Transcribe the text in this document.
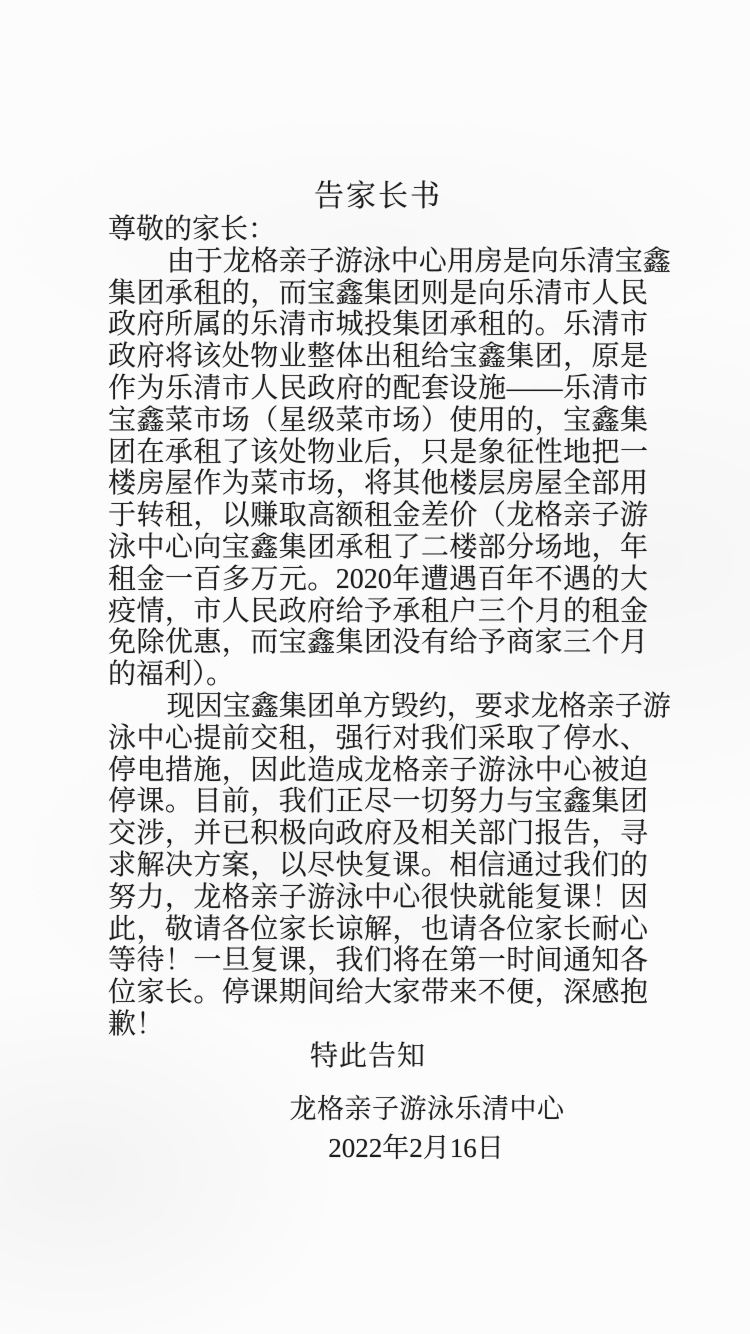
告家长书
尊敬的家长：
由于龙格亲子游泳中心用房是向乐清宝鑫
集团承租的，而宝鑫集团则是向乐清市人民
政府所属的乐清市城投集团承租的。乐清市
政府将该处物业整体出租给宝鑫集团，原是
作为乐清市人民政府的配套设施——乐清市
宝鑫菜市场（星级菜市场）使用的，宝鑫集
团在承租了该处物业后，只是象征性地把一
楼房屋作为菜市场，将其他楼层房屋全部用
于转租，以赚取高额租金差价（龙格亲子游
泳中心向宝鑫集团承租了二楼部分场地，年
租金一百多万元。2020年遭遇百年不遇的大
疫情，市人民政府给予承租户三个月的租金
免除优惠，而宝鑫集团没有给予商家三个月
的福利）。
现因宝鑫集团单方毁约，要求龙格亲子游
泳中心提前交租，强行对我们采取了停水、
停电措施，因此造成龙格亲子游泳中心被迫
停课。目前，我们正尽一切努力与宝鑫集团
交涉，并已积极向政府及相关部门报告，寻
求解决方案，以尽快复课。相信通过我们的
努力，龙格亲子游泳中心很快就能复课！因
此，敬请各位家长谅解，也请各位家长耐心
等待！一旦复课，我们将在第一时间通知各
位家长。停课期间给大家带来不便，深感抱
歉！
特此告知
龙格亲子游泳乐清中心
2022年2月16日
